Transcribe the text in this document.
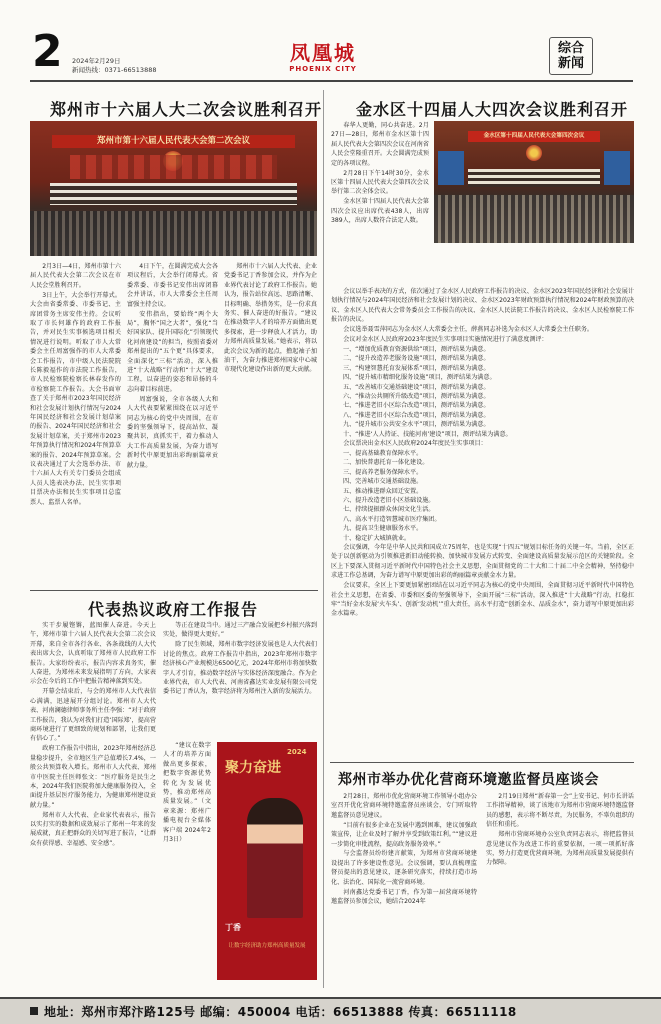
2 2024年2月29日
新闻热线：0371-66513888
凤凰城
PHOENIX CITY
综合
新闻
郑州市十六届人大二次会议胜利召开
郑州市第十六届人民代表大会第二次会议

2月3日—4日，郑州市第十六届人民代表大会第二次会议在市人民会堂胜利召开。

3日上午，大会举行开幕式。大会由省委常委、市委书记、主席团常务主席安伟主持。会议听取了市长何雄作的政府工作报告，并对民生实事候选项目相关情况进行说明。听取了市人大常委会主任周富强作的市人大常委会工作报告，市中级人民法院院长陈毅福作的市法院工作报告，市人民检察院检察长林春发作的市检察院工作报告。大会书面审查了关于郑州市2023年国民经济和社会发展计划执行情况与2024年国民经济和社会发展计划草案的报告、2024年国民经济和社会发展计划草案，关于郑州市2023年预算执行情况和2024年预算草案的报告、2024年预算草案。会议表决通过了大会选举办法、市十六届人大有关专门委员会组成人员人选表决办法、民生实事项目票决办法和民生实事项目总监票人、监票人名单。

4日下午，在圆满完成大会各项议程后，大会举行闭幕式。省委常委、市委书记安伟出席闭幕会并讲话，市人大常委会主任周富强主持会议。

安伟指出，要始终“两个大局”，胸怀“国之大者”，强化“当好国家队、提升国际化”引领现代化河南建设”的担当，按照省委对郑州提出的“五个更”具体要求，全面深化“三标”活动，深入推进“十大战略”行动和“十大”建设工程，以奋进的姿态和昂扬的斗志向着目标前进。

周富强说，全市各级人大和人大代表要紧紧围绕在以习近平同志为核心的党中央周围，在市委的坚强领导下，提高站位、凝聚共识，真抓实干，着力推动人大工作高质量发展，为奋力谱写新时代中原更加出彩绚丽篇章贡献力量。

郑州市十六届人大代表、企业党委书记丁香参加会议，并作为企业界代表讨论了政府工作报告。她认为，报告站位高远、思路清晰、目标明确、举措务实，是一份求真务实、催人奋进的好报告。“建议在推动数字人才的培养方面做出更多探索，进一步释放人才活力，助力郑州高质量发展。”她表示，将以此次会议为新的起点，撸起袖子加油干，为奋力推进郑州国家中心城市现代化建设作出新的更大贡献。

代表热议政府工作报告

实干步履铿锵，蓝图催人奋进。今天上午，郑州市第十六届人民代表大会第二次会议开幕，来自全市各行各业、各条战线的人大代表出席大会，认真听取了郑州市人民政府工作报告。大家纷纷表示，报告内容求真务实，催人奋进，为郑州未来发展指明了方向，大家表示会在今后的工作中把报告精神落到实处。

开幕会结束后，与会的郑州市人大代表信心满满，迅速展开分组讨论。郑州市人大代表、河南澜德律师事务所主任李强：“对于政府工作报告，我认为对我们打造‘国际郑’，提高营商环境进行了更细致的规划和部署，让我们更有信心了。”

政府工作报告中指出，2023年郑州经济总量稳步提升，全市地区生产总值增长7.4%，一般公共预算收入增长。郑州市人大代表、郑州市中医院主任医师张文：“医疗服务是民生之本，2024年我们医院将加大健康服务投入，全面提升基层医疗服务能力，为健康郑州建设贡献力量。”

郑州市人大代表、企业家代表表示，报告以实打实的数据和成效展示了郑州一年来的发展成就，真正把群众的关切写进了报告，“让群众有获得感、幸福感、安全感”。

等正在建设当中。通过三产融合发展把乡村振兴落到实处，做得更大更好。”

除了民生领域，郑州市数字经济发展也是人大代表们讨论的焦点。政府工作报告中指出，2023年郑州市数字经济核心产业规模达6500亿元，2024年郑州市将加快数字人才引育，推动数字经济与实体经济深度融合。作为企业界代表，市人大代表、河南省鑫达实业发展有限公司党委书记丁香认为，数字经济将为郑州注入新的发展活力。

“建议在数字人才的培养方面做出更多探索，把数字资源优势转化为发展优势，推动郑州高质量发展。”（文章来源：郑州广播电视台全媒体客户端 2024年2月3日）

2024
聚力奋进
丁香
让数字经济助力郑州高质量发展
金水区十四届人大四次会议胜利召开

春华人更勤，同心共奋进。2月27日—28日，郑州市金水区第十四届人民代表大会第四次会议在河南省人民会堂隆重召开。大会圆满完成预定的各项议程。

2月28日下午14时30分，金水区第十四届人民代表大会第四次会议举行第二次全体会议。

金水区第十四届人民代表大会第四次会议应出席代表438人，出席389人，出席人数符合法定人数。

金水区第十四届人民代表大会第四次会议

会议以举手表决的方式，依次通过了金水区人民政府工作报告的决议、金水区2023年国民经济和社会发展计划执行情况与2024年国民经济和社会发展计划的决议、金水区2023年财政预算执行情况和2024年财政预算的决议、金水区人民代表大会常务委员会工作报告的决议、金水区人民法院工作报告的决议、金水区人民检察院工作报告的决议。

会议选举聂雪萍同志为金水区人大常委会主任，薛燕同志补选为金水区人大常委会主任职务。

会议对金水区人民政府2023年度民生实事项目实施情况进行了满意度测评：

一、“增加优质教育资源供给”项目，测评结果为满意。
二、“提升改造养老服务设施”项目，测评结果为满意。
三、“构建智慧托育发展体系”项目，测评结果为满意。
四、“提升城市精细化服务设施”项目，测评结果为满意。
五、“改善城市交通基础建设”项目，测评结果为满意。
六、“推动公共厕所升级改造”项目，测评结果为满意。
七、“推进老旧小区综合改造”项目，测评结果为满意。
八、“推进老旧小区综合改造”项目，测评结果为满意。
九、“提升城市公共安全水平”项目，测评结果为满意。
十、“推进‘人人持证、技能河南’建设”项目，测评结果为满意。

会议票决出金水区人民政府2024年度民生实事项目：

一、提高基础教育保障水平。
二、加快普惠托育一体化建设。
三、提高养老服务保障水平。
四、完善城市交通基础设施。
五、推动推进群众回迁安置。
六、提升改造老旧小区基础设施。
七、持续提振群众休闲文化生活。
八、高水平打造智慧城市医疗集团。
九、提高卫生健康服务水平。
十、稳定扩大城镇就业。

会议强调，今年是中华人民共和国成立75周年，也是实现“十四五”规划目标任务的关键一年。当前，全区正处于以创新驱动为引领推进新旧动能转换、加快城市发展方式转变、全面建设高质量发展示范区的关键阶段。全区上下要深入贯彻习近平新时代中国特色社会主义思想，全面贯彻党的二十大和二十届二中全会精神，坚持稳中求进工作总基调，为奋力谱写中原更加出彩的绚丽篇章贡献金水力量。

会议要求，全区上下要更加紧密团结在以习近平同志为核心的党中央周围，全面贯彻习近平新时代中国特色社会主义思想，在省委、市委和区委的坚强领导下，全面开展“三标”活动，深入推进“十大战略”行动，扛稳扛牢“当好金水发展‘火车头’、创新‘发动机’”重大责任，高水平打造“创新金水、品质金水”，奋力谱写中原更加出彩金水篇章。

郑州市举办优化营商环境邀监督员座谈会

2月28日，郑州市优化营商环境工作领导小组办公室召开优化营商环境特邀监督员座谈会，专门听取特邀监督员意见建议。

“目前有很多企业在发展中遇到困难，建议加强政策宣传，让企业及时了解并享受到政策红利。”“建议进一步简化审批流程，提高政务服务效率。”

与会监督员纷纷建言献策，为郑州市营商环境建设提出了许多建设性意见。会议强调，要认真梳理监督员提出的意见建议，逐条研究落实，持续打造市场化、法治化、国际化一流营商环境。

河南鑫达党委书记丁香，作为第一届营商环境特邀监督员参加会议，她结合2024年

2月19日郑州“新春第一会”上安书记、何市长讲话工作指导精神，谈了该地市为郑州市营商环境特邀监督员的感想，表示将不断尽责，为民服务，不辜负组织的信任和重托。

郑州市营商环境办公室负责同志表示，将把监督员意见建议作为改进工作的重要依据，一项一项抓好落实，努力打造更优营商环境，为郑州高质量发展提供有力保障。

地址：郑州市郑汴路125号 邮编：450004 电话：66513888 传真：66511118
